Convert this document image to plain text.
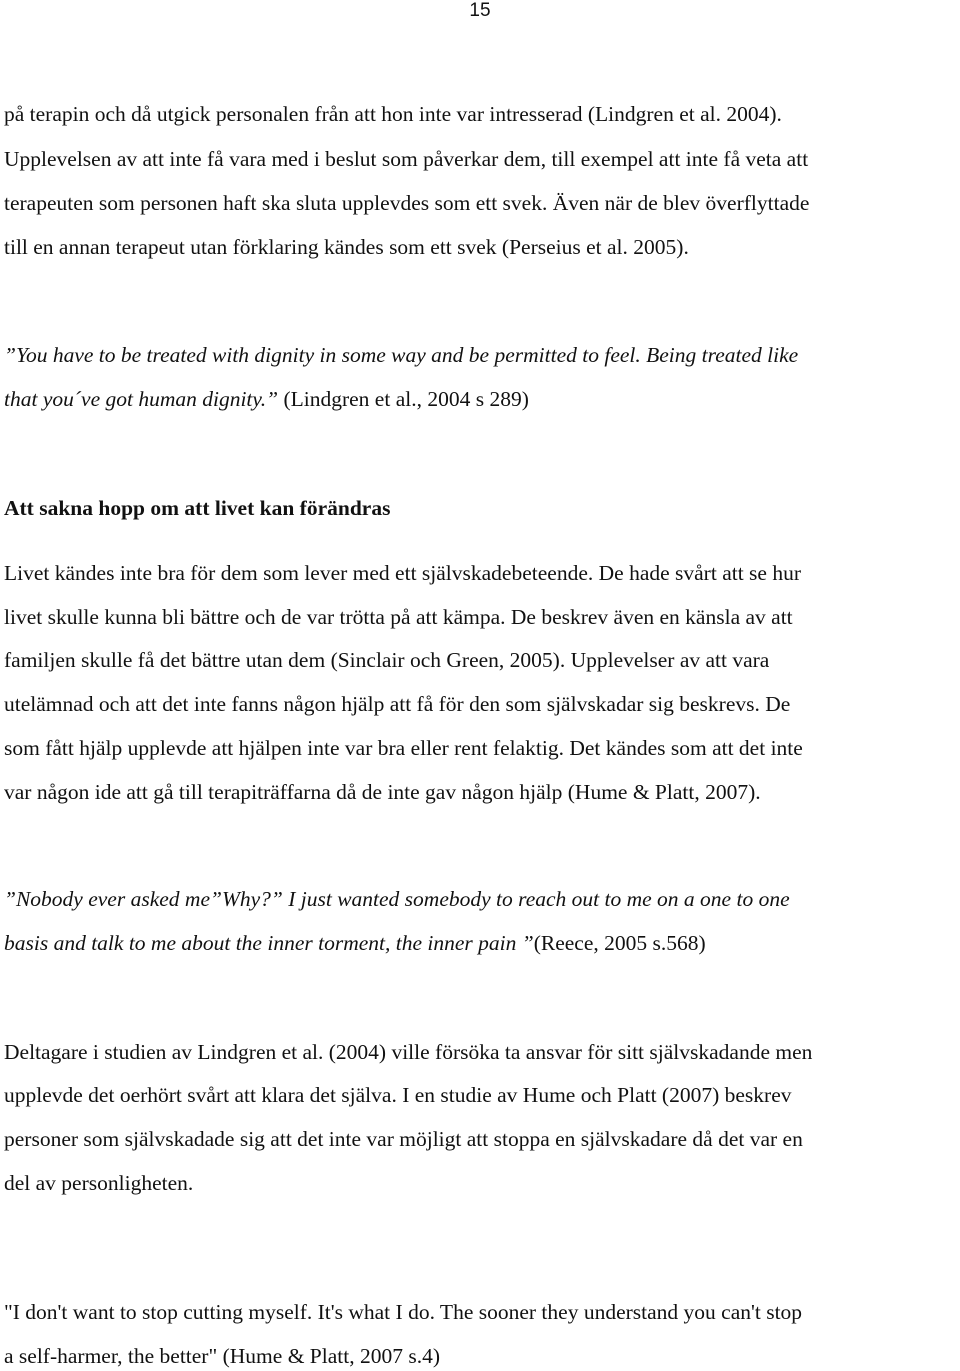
15
på terapin och då utgick personalen från att hon inte var intresserad (Lindgren et al. 2004).
Upplevelsen av att inte få vara med i beslut som påverkar dem, till exempel att inte få veta att
terapeuten som personen haft ska sluta upplevdes som ett svek. Även när de blev överflyttade
till en annan terapeut utan förklaring kändes som ett svek (Perseius et al. 2005).
”You have to be treated with dignity in some way and be permitted to feel. Being treated like
that you´ve got human dignity.” (Lindgren et al., 2004 s 289)
Att sakna hopp om att livet kan förändras
Livet kändes inte bra för dem som lever med ett självskadebeteende. De hade svårt att se hur
livet skulle kunna bli bättre och de var trötta på att kämpa. De beskrev även en känsla av att
familjen skulle få det bättre utan dem (Sinclair och Green, 2005). Upplevelser av att vara
utelämnad och att det inte fanns någon hjälp att få för den som självskadar sig beskrevs. De
som fått hjälp upplevde att hjälpen inte var bra eller rent felaktig. Det kändes som att det inte
var någon ide att gå till terapiträffarna då de inte gav någon hjälp (Hume & Platt, 2007).
”Nobody ever asked me”Why?” I just wanted somebody to reach out to me on a one to one
basis and talk to me about the inner torment, the inner pain ”(Reece, 2005 s.568)
Deltagare i studien av Lindgren et al. (2004) ville försöka ta ansvar för sitt självskadande men
upplevde det oerhört svårt att klara det själva. I en studie av Hume och Platt (2007) beskrev
personer som självskadade sig att det inte var möjligt att stoppa en självskadare då det var en
del av personligheten.
"I don't want to stop cutting myself. It's what I do. The sooner they understand you can't stop
a self-harmer, the better" (Hume & Platt, 2007 s.4)
